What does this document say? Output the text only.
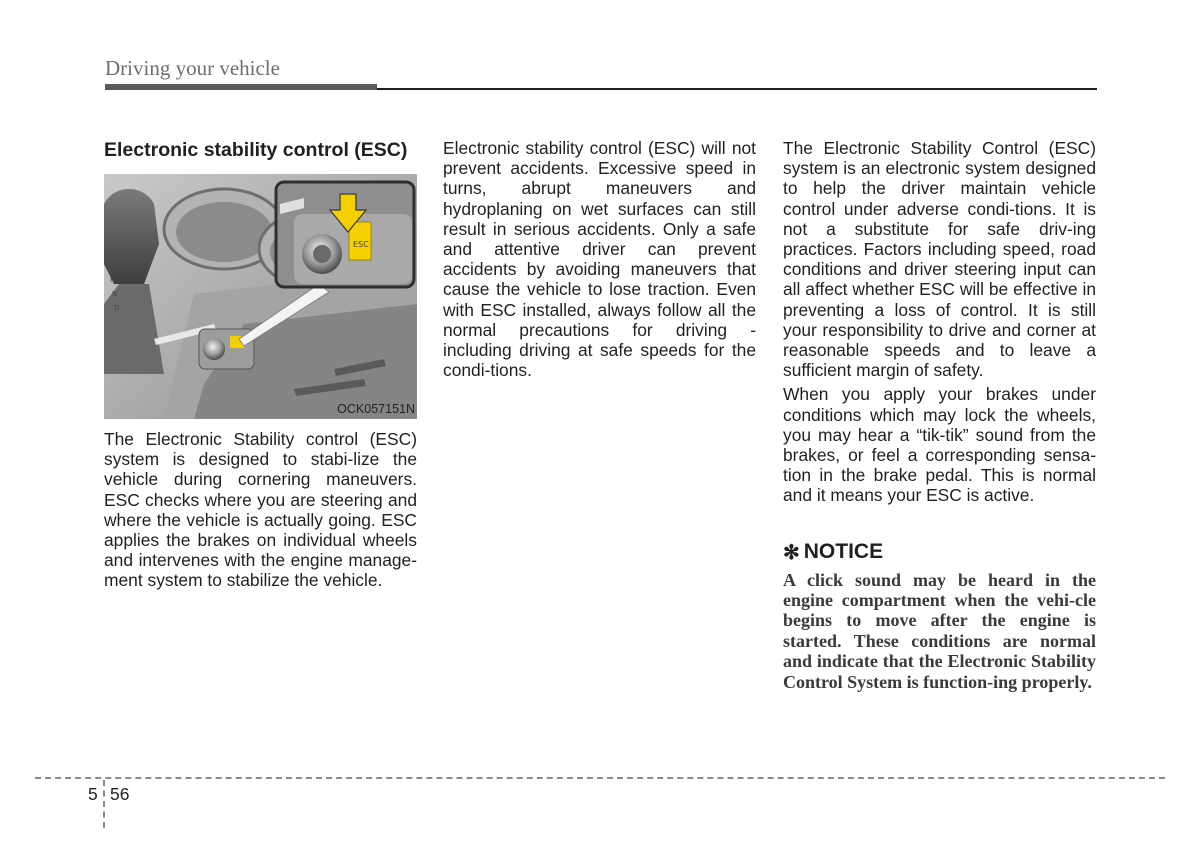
Driving your vehicle
Electronic stability control (ESC)
R
N
D
ESC
OCK057151N

The Electronic Stability control (ESC) system is designed to stabi-lize the vehicle during cornering maneuvers. ESC checks where you are steering and where the vehicle is actually going. ESC applies the brakes on individual wheels and intervenes with the engine manage-ment system to stabilize the vehicle.

Electronic stability control (ESC) will not prevent accidents. Excessive speed in turns, abrupt maneuvers and hydroplaning on wet surfaces can still result in serious accidents. Only a safe and attentive driver can prevent accidents by avoiding maneuvers that cause the vehicle to lose traction. Even with ESC installed, always follow all the normal precautions for driving - including driving at safe speeds for the condi-tions.

The Electronic Stability Control (ESC) system is an electronic system designed to help the driver maintain vehicle control under adverse condi-tions. It is not a substitute for safe driv-ing practices. Factors including speed, road conditions and driver steering input can all affect whether ESC will be effective in preventing a loss of control. It is still your responsibility to drive and corner at reasonable speeds and to leave a sufficient margin of safety.

When you apply your brakes under conditions which may lock the wheels, you may hear a “tik-tik” sound from the brakes, or feel a corresponding sensa-tion in the brake pedal. This is normal and it means your ESC is active.

✻ NOTICE

A click sound may be heard in the engine compartment when the vehi-cle begins to move after the engine is started. These conditions are normal and indicate that the Electronic Stability Control System is function-ing properly.

5 56
